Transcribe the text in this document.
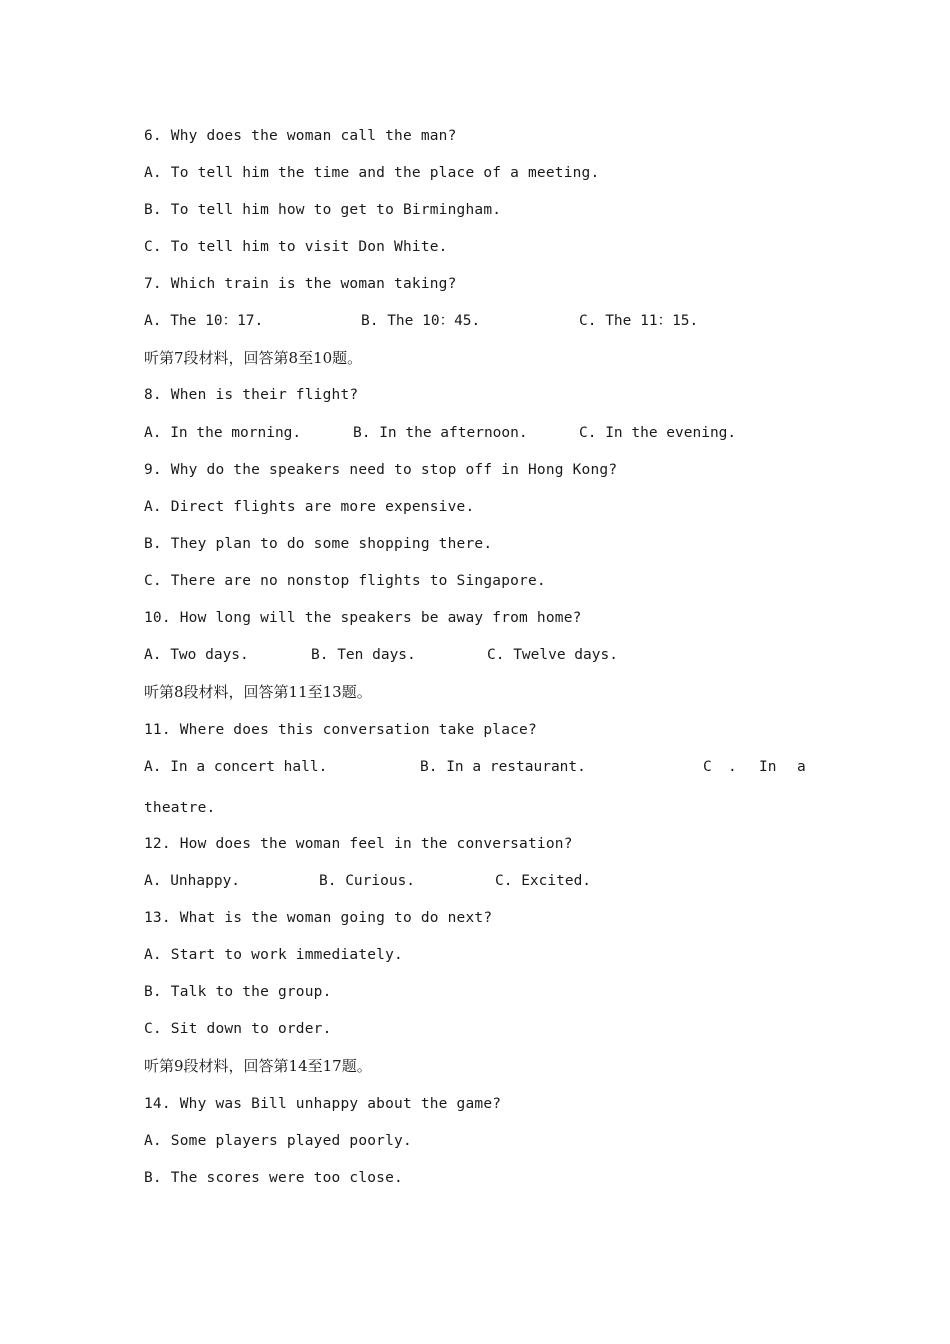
6. Why does the woman call the man?
A. To tell him the time and the place of a meeting.
B. To tell him how to get to Birmingham.
C. To tell him to visit Don White.
7. Which train is the woman taking?
A. The 10：17.	B. The 10：45.	C. The 11：15.
听第7段材料，回答第8至10题。
8. When is their flight?
A. In the morning.	B. In the afternoon.	C. In the evening.
9. Why do the speakers need to stop off in Hong Kong?
A. Direct flights are more expensive.
B. They plan to do some shopping there.
C. There are no nonstop flights to Singapore.
10. How long will the speakers be away from home?
A. Two days.	B. Ten days.	C. Twelve days.
听第8段材料，回答第11至13题。
11. Where does this conversation take place?
A. In a concert hall.	B. In a restaurant.	C . In a
theatre.
12. How does the woman feel in the conversation?
A. Unhappy.	B. Curious.	C. Excited.
13. What is the woman going to do next?
A. Start to work immediately.
B. Talk to the group.
C. Sit down to order.
听第9段材料，回答第14至17题。
14. Why was Bill unhappy about the game?
A. Some players played poorly.
B. The scores were too close.
